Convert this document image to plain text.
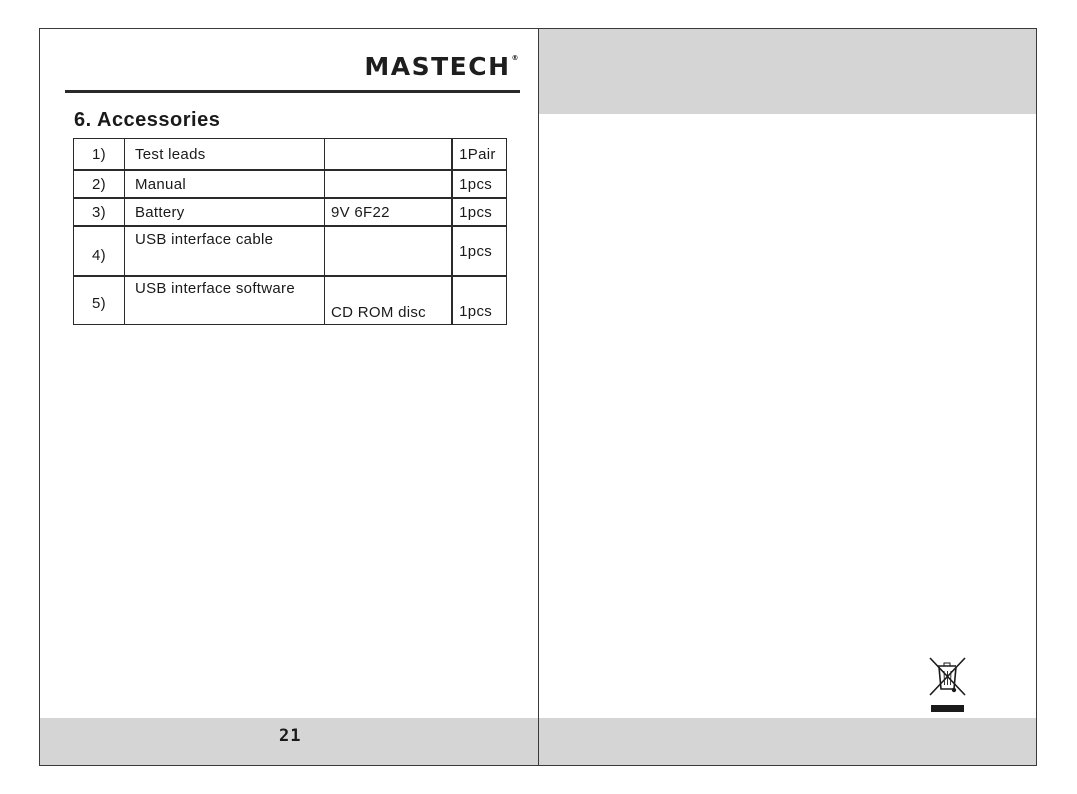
MASTECH®
6. Accessories
1)	Test leads		1Pair
2)	Manual		1pcs
3)	Battery	9V 6F22	1pcs
4)	USB interface cable		1pcs
5)	USB interface software	CD ROM disc	1pcs
21
